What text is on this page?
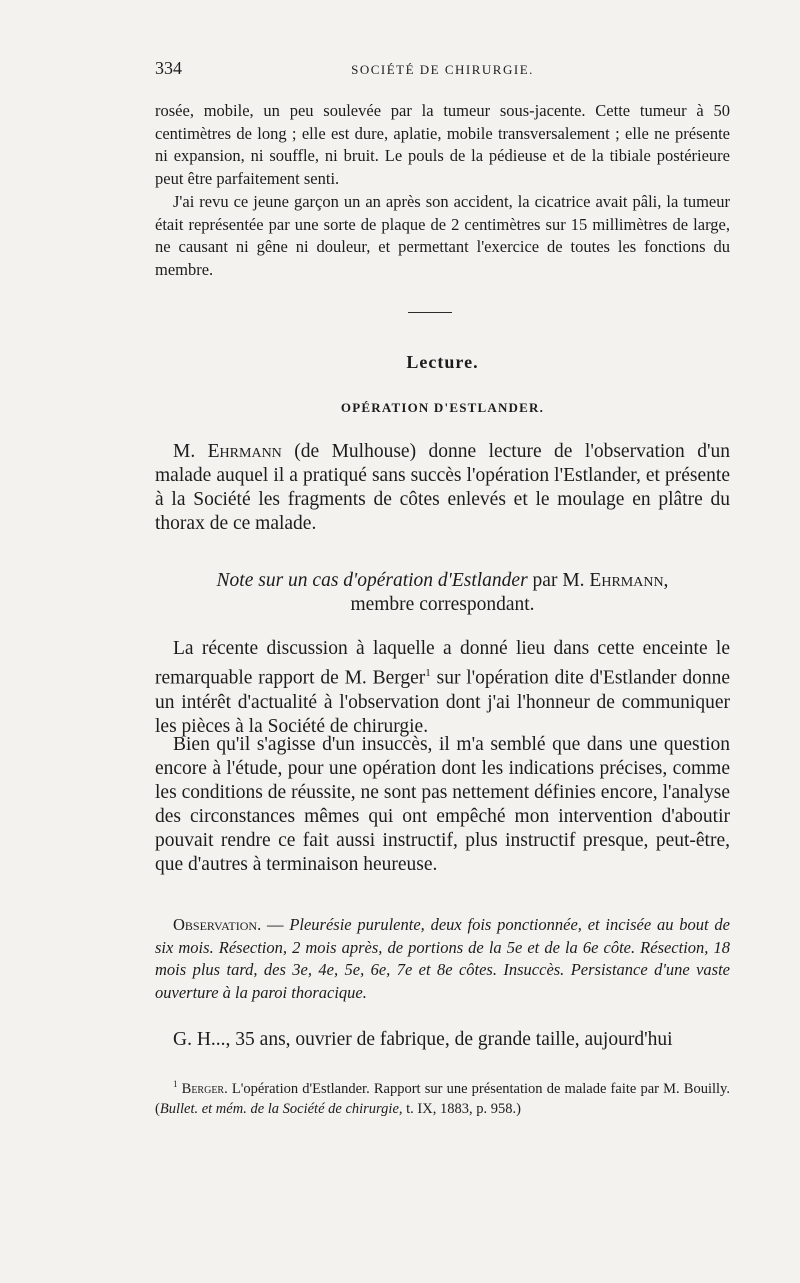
334	SOCIÉTÉ DE CHIRURGIE.

rosée, mobile, un peu soulevée par la tumeur sous-jacente. Cette tumeur à 50 centimètres de long ; elle est dure, aplatie, mobile transversalement ; elle ne présente ni expansion, ni souffle, ni bruit. Le pouls de la pédieuse et de la tibiale postérieure peut être parfaitement senti.

J'ai revu ce jeune garçon un an après son accident, la cicatrice avait pâli, la tumeur était représentée par une sorte de plaque de 2 centimètres sur 15 millimètres de large, ne causant ni gêne ni douleur, et permettant l'exercice de toutes les fonctions du membre.

Lecture.
OPÉRATION D'ESTLANDER.

M. Ehrmann (de Mulhouse) donne lecture de l'observation d'un malade auquel il a pratiqué sans succès l'opération l'Estlander, et présente à la Société les fragments de côtes enlevés et le moulage en plâtre du thorax de ce malade.

Note sur un cas d'opération d'Estlander par M. Ehrmann,
membre correspondant.

La récente discussion à laquelle a donné lieu dans cette enceinte le remarquable rapport de M. Berger$^1$ sur l'opération dite d'Estlander donne un intérêt d'actualité à l'observation dont j'ai l'honneur de communiquer les pièces à la Société de chirurgie.

Bien qu'il s'agisse d'un insuccès, il m'a semblé que dans une question encore à l'étude, pour une opération dont les indications précises, comme les conditions de réussite, ne sont pas nettement définies encore, l'analyse des circonstances mêmes qui ont empêché mon intervention d'aboutir pouvait rendre ce fait aussi instructif, plus instructif presque, peut-être, que d'autres à terminaison heureuse.

Observation. — Pleurésie purulente, deux fois ponctionnée, et incisée au bout de six mois. Résection, 2 mois après, de portions de la 5e et de la 6e côte. Résection, 18 mois plus tard, des 3e, 4e, 5e, 6e, 7e et 8e côtes. Insuccès. Persistance d'une vaste ouverture à la paroi thoracique.

G. H..., 35 ans, ouvrier de fabrique, de grande taille, aujourd'hui

$^1$ Berger. L'opération d'Estlander. Rapport sur une présentation de malade faite par M. Bouilly. (Bullet. et mém. de la Société de chirurgie, t. IX, 1883, p. 958.)
